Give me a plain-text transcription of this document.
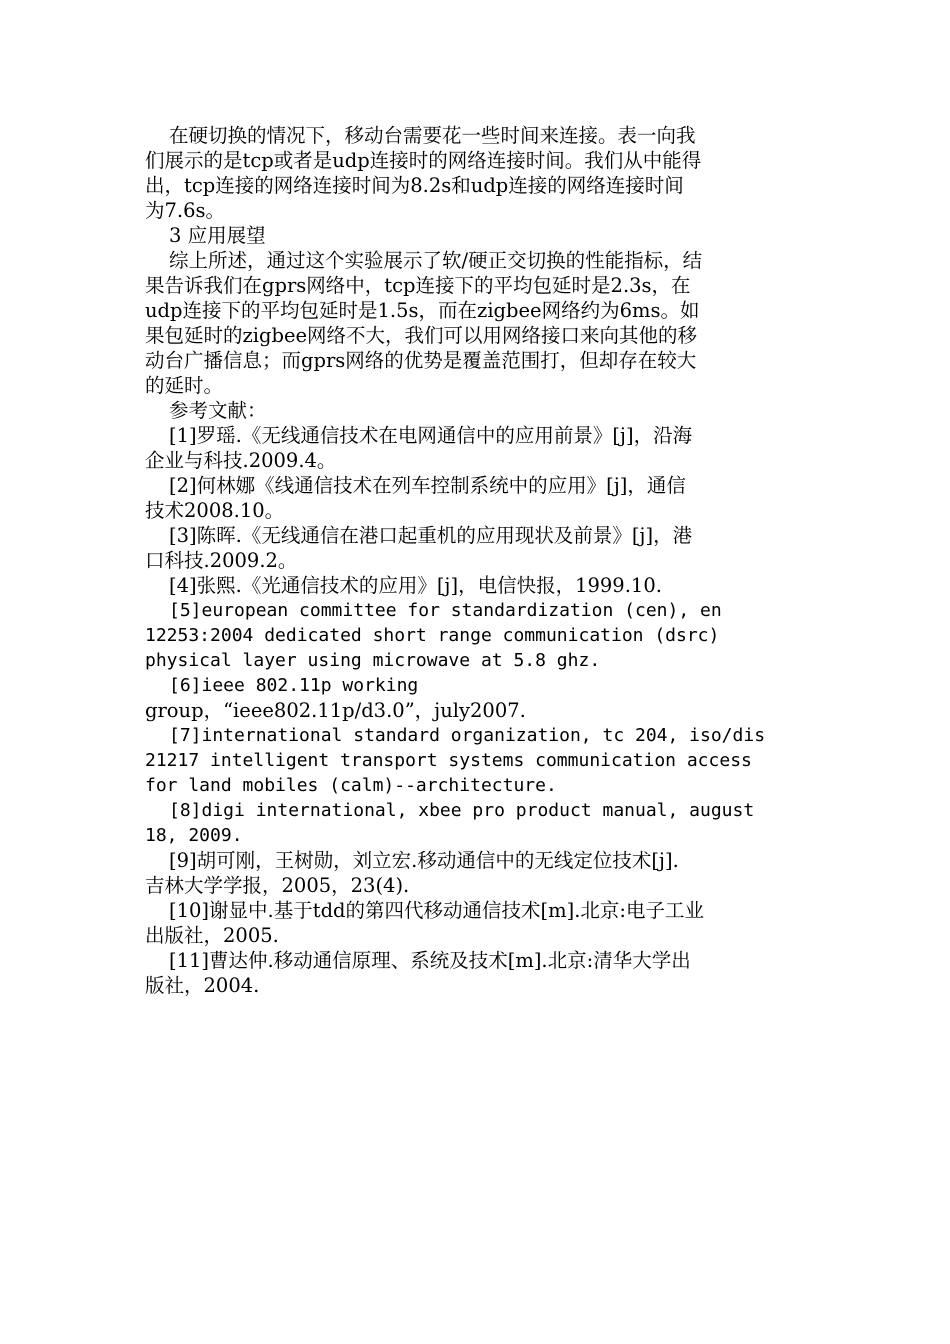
在硬切换的情况下，移动台需要花一些时间来连接。表一向我
们展示的是tcp或者是udp连接时的网络连接时间。我们从中能得
出，tcp连接的网络连接时间为8.2s和udp连接的网络连接时间
为7.6s。
3 应用展望
综上所述，通过这个实验展示了软/硬正交切换的性能指标，结
果告诉我们在gprs网络中，tcp连接下的平均包延时是2.3s，在
udp连接下的平均包延时是1.5s，而在zigbee网络约为6ms。如
果包延时的zigbee网络不大，我们可以用网络接口来向其他的移
动台广播信息；而gprs网络的优势是覆盖范围打，但却存在较大
的延时。
参考文献：
[1]罗瑶.《无线通信技术在电网通信中的应用前景》[j]，沿海
企业与科技.2009.4。
[2]何林娜《线通信技术在列车控制系统中的应用》[j]，通信
技术2008.10。
[3]陈晖.《无线通信在港口起重机的应用现状及前景》[j]，港
口科技.2009.2。
[4]张熙.《光通信技术的应用》[j]，电信快报，1999.10.
[5]european committee for standardization (cen), en
12253:2004 dedicated short range communication (dsrc)
physical layer using microwave at 5.8 ghz.
[6]ieee 802.11p working
group，“ieee802.11p/d3.0”，july2007.
[7]international standard organization, tc 204, iso/dis
21217 intelligent transport systems communication access
for land mobiles (calm)--architecture.
[8]digi international, xbee pro product manual, august
18, 2009.
[9]胡可刚，王树勋，刘立宏.移动通信中的无线定位技术[j].
吉林大学学报，2005，23(4).
[10]谢显中.基于tdd的第四代移动通信技术[m].北京:电子工业
出版社，2005.
[11]曹达仲.移动通信原理、系统及技术[m].北京:清华大学出
版社，2004.
